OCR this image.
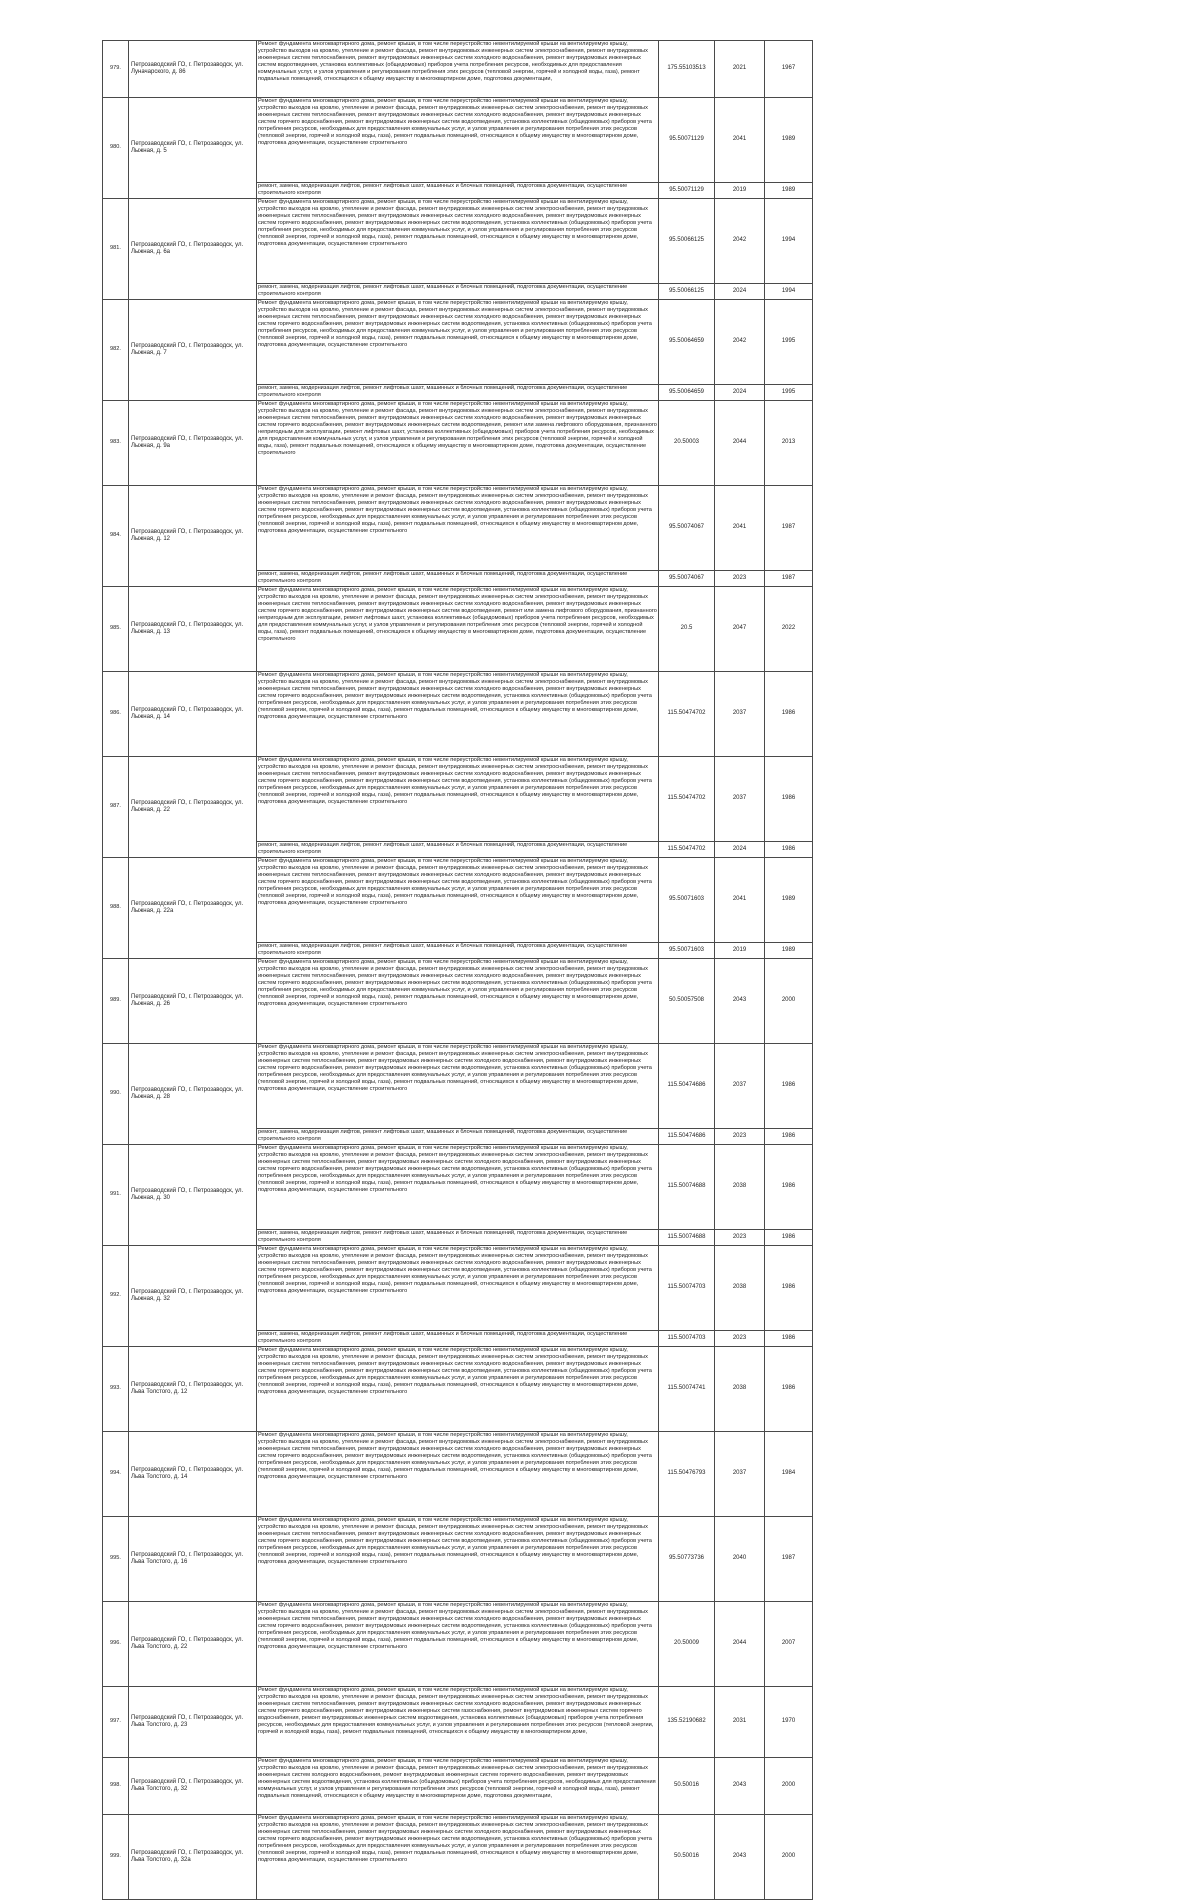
979.	Петрозаводский ГО, г. Петрозаводск, ул. Луначарского, д. 86	Ремонт фундамента многоквартирного дома, ремонт крыши, в том числе переустройство невентилируемой крыши на вентилируемую крышу, устройство выходов на кровлю, утепление и ремонт фасада, ремонт внутридомовых инженерных систем электроснабжения, ремонт внутридомовых инженерных систем теплоснабжения, ремонт внутридомовых инженерных систем холодного водоснабжения, ремонт внутридомовых инженерных систем водоотведения, установка коллективных (общедомовых) приборов учета потребления ресурсов, необходимых для предоставления коммунальных услуг, и узлов управления и регулирования потребления этих ресурсов (тепловой энергии, горячей и холодной воды, газа), ремонт подвальных помещений, относящихся к общему имуществу в многоквартирном доме, подготовка документации,	175.55103513	2021	1967
980.	Петрозаводский ГО, г. Петрозаводск, ул. Лыжная, д. 5	Ремонт фундамента многоквартирного дома, ремонт крыши, в том числе переустройство невентилируемой крыши на вентилируемую крышу, устройство выходов на кровлю, утепление и ремонт фасада, ремонт внутридомовых инженерных систем электроснабжения, ремонт внутридомовых инженерных систем теплоснабжения, ремонт внутридомовых инженерных систем холодного водоснабжения, ремонт внутридомовых инженерных систем горячего водоснабжения, ремонт внутридомовых инженерных систем водоотведения, установка коллективных (общедомовых) приборов учета потребления ресурсов, необходимых для предоставления коммунальных услуг, и узлов управления и регулирования потребления этих ресурсов (тепловой энергии, горячей и холодной воды, газа), ремонт подвальных помещений, относящихся к общему имуществу в многоквартирном доме, подготовка документации, осуществление строительного	95.50071129	2041	1989

		ремонт, замена, модернизация лифтов, ремонт лифтовых шахт, машинных и блочных помещений, подготовка документации, осуществление строительного контроля	95.50071129	2019	1989
981.	Петрозаводский ГО, г. Петрозаводск, ул. Лыжная, д. 6а	Ремонт фундамента многоквартирного дома, ремонт крыши, в том числе переустройство невентилируемой крыши на вентилируемую крышу, устройство выходов на кровлю, утепление и ремонт фасада, ремонт внутридомовых инженерных систем электроснабжения, ремонт внутридомовых инженерных систем теплоснабжения, ремонт внутридомовых инженерных систем холодного водоснабжения, ремонт внутридомовых инженерных систем горячего водоснабжения, ремонт внутридомовых инженерных систем водоотведения, установка коллективных (общедомовых) приборов учета потребления ресурсов, необходимых для предоставления коммунальных услуг, и узлов управления и регулирования потребления этих ресурсов (тепловой энергии, горячей и холодной воды, газа), ремонт подвальных помещений, относящихся к общему имуществу в многоквартирном доме, подготовка документации, осуществление строительного	95.50066125	2042	1994

		ремонт, замена, модернизация лифтов, ремонт лифтовых шахт, машинных и блочных помещений, подготовка документации, осуществление строительного контроля	95.50066125	2024	1994
982.	Петрозаводский ГО, г. Петрозаводск, ул. Лыжная, д. 7	Ремонт фундамента многоквартирного дома, ремонт крыши, в том числе переустройство невентилируемой крыши на вентилируемую крышу, устройство выходов на кровлю, утепление и ремонт фасада, ремонт внутридомовых инженерных систем электроснабжения, ремонт внутридомовых инженерных систем теплоснабжения, ремонт внутридомовых инженерных систем холодного водоснабжения, ремонт внутридомовых инженерных систем горячего водоснабжения, ремонт внутридомовых инженерных систем водоотведения, установка коллективных (общедомовых) приборов учета потребления ресурсов, необходимых для предоставления коммунальных услуг, и узлов управления и регулирования потребления этих ресурсов (тепловой энергии, горячей и холодной воды, газа), ремонт подвальных помещений, относящихся к общему имуществу в многоквартирном доме, подготовка документации, осуществление строительного	95.50064659	2042	1995

		ремонт, замена, модернизация лифтов, ремонт лифтовых шахт, машинных и блочных помещений, подготовка документации, осуществление строительного контроля	95.50064659	2024	1995
983.	Петрозаводский ГО, г. Петрозаводск, ул. Лыжная, д. 9а	Ремонт фундамента многоквартирного дома, ремонт крыши, в том числе переустройство невентилируемой крыши на вентилируемую крышу, устройство выходов на кровлю, утепление и ремонт фасада, ремонт внутридомовых инженерных систем электроснабжения, ремонт внутридомовых инженерных систем теплоснабжения, ремонт внутридомовых инженерных систем холодного водоснабжения, ремонт внутридомовых инженерных систем горячего водоснабжения, ремонт внутридомовых инженерных систем водоотведения, ремонт или замена лифтового оборудования, признанного непригодным для эксплуатации, ремонт лифтовых шахт, установка коллективных (общедомовых) приборов учета потребления ресурсов, необходимых для предоставления коммунальных услуг, и узлов управления и регулирования потребления этих ресурсов (тепловой энергии, горячей и холодной воды, газа), ремонт подвальных помещений, относящихся к общему имуществу в многоквартирном доме, подготовка документации, осуществление строительного	20.50003	2044	2013
984.	Петрозаводский ГО, г. Петрозаводск, ул. Лыжная, д. 12	Ремонт фундамента многоквартирного дома, ремонт крыши, в том числе переустройство невентилируемой крыши на вентилируемую крышу, устройство выходов на кровлю, утепление и ремонт фасада, ремонт внутридомовых инженерных систем электроснабжения, ремонт внутридомовых инженерных систем теплоснабжения, ремонт внутридомовых инженерных систем холодного водоснабжения, ремонт внутридомовых инженерных систем горячего водоснабжения, ремонт внутридомовых инженерных систем водоотведения, установка коллективных (общедомовых) приборов учета потребления ресурсов, необходимых для предоставления коммунальных услуг, и узлов управления и регулирования потребления этих ресурсов (тепловой энергии, горячей и холодной воды, газа), ремонт подвальных помещений, относящихся к общему имуществу в многоквартирном доме, подготовка документации, осуществление строительного	95.50074067	2041	1987

		ремонт, замена, модернизация лифтов, ремонт лифтовых шахт, машинных и блочных помещений, подготовка документации, осуществление строительного контроля	95.50074067	2023	1987
985.	Петрозаводский ГО, г. Петрозаводск, ул. Лыжная, д. 13	Ремонт фундамента многоквартирного дома, ремонт крыши, в том числе переустройство невентилируемой крыши на вентилируемую крышу, устройство выходов на кровлю, утепление и ремонт фасада, ремонт внутридомовых инженерных систем электроснабжения, ремонт внутридомовых инженерных систем теплоснабжения, ремонт внутридомовых инженерных систем холодного водоснабжения, ремонт внутридомовых инженерных систем горячего водоснабжения, ремонт внутридомовых инженерных систем водоотведения, ремонт или замена лифтового оборудования, признанного непригодным для эксплуатации, ремонт лифтовых шахт, установка коллективных (общедомовых) приборов учета потребления ресурсов, необходимых для предоставления коммунальных услуг, и узлов управления и регулирования потребления этих ресурсов (тепловой энергии, горячей и холодной воды, газа), ремонт подвальных помещений, относящихся к общему имуществу в многоквартирном доме, подготовка документации, осуществление строительного	20.5	2047	2022
986.	Петрозаводский ГО, г. Петрозаводск, ул. Лыжная, д. 14	Ремонт фундамента многоквартирного дома, ремонт крыши, в том числе переустройство невентилируемой крыши на вентилируемую крышу, устройство выходов на кровлю, утепление и ремонт фасада, ремонт внутридомовых инженерных систем электроснабжения, ремонт внутридомовых инженерных систем теплоснабжения, ремонт внутридомовых инженерных систем холодного водоснабжения, ремонт внутридомовых инженерных систем горячего водоснабжения, ремонт внутридомовых инженерных систем водоотведения, установка коллективных (общедомовых) приборов учета потребления ресурсов, необходимых для предоставления коммунальных услуг, и узлов управления и регулирования потребления этих ресурсов (тепловой энергии, горячей и холодной воды, газа), ремонт подвальных помещений, относящихся к общему имуществу в многоквартирном доме, подготовка документации, осуществление строительного	115.50474702	2037	1986
987.	Петрозаводский ГО, г. Петрозаводск, ул. Лыжная, д. 22	Ремонт фундамента многоквартирного дома, ремонт крыши, в том числе переустройство невентилируемой крыши на вентилируемую крышу, устройство выходов на кровлю, утепление и ремонт фасада, ремонт внутридомовых инженерных систем электроснабжения, ремонт внутридомовых инженерных систем теплоснабжения, ремонт внутридомовых инженерных систем холодного водоснабжения, ремонт внутридомовых инженерных систем горячего водоснабжения, ремонт внутридомовых инженерных систем водоотведения, установка коллективных (общедомовых) приборов учета потребления ресурсов, необходимых для предоставления коммунальных услуг, и узлов управления и регулирования потребления этих ресурсов (тепловой энергии, горячей и холодной воды, газа), ремонт подвальных помещений, относящихся к общему имуществу в многоквартирном доме, подготовка документации, осуществление строительного	115.50474702	2037	1986

		ремонт, замена, модернизация лифтов, ремонт лифтовых шахт, машинных и блочных помещений, подготовка документации, осуществление строительного контроля	115.50474702	2024	1986
988.	Петрозаводский ГО, г. Петрозаводск, ул. Лыжная, д. 22а	Ремонт фундамента многоквартирного дома, ремонт крыши, в том числе переустройство невентилируемой крыши на вентилируемую крышу, устройство выходов на кровлю, утепление и ремонт фасада, ремонт внутридомовых инженерных систем электроснабжения, ремонт внутридомовых инженерных систем теплоснабжения, ремонт внутридомовых инженерных систем холодного водоснабжения, ремонт внутридомовых инженерных систем горячего водоснабжения, ремонт внутридомовых инженерных систем водоотведения, установка коллективных (общедомовых) приборов учета потребления ресурсов, необходимых для предоставления коммунальных услуг, и узлов управления и регулирования потребления этих ресурсов (тепловой энергии, горячей и холодной воды, газа), ремонт подвальных помещений, относящихся к общему имуществу в многоквартирном доме, подготовка документации, осуществление строительного	95.50071603	2041	1989

		ремонт, замена, модернизация лифтов, ремонт лифтовых шахт, машинных и блочных помещений, подготовка документации, осуществление строительного контроля	95.50071603	2019	1989
989.	Петрозаводский ГО, г. Петрозаводск, ул. Лыжная, д. 26	Ремонт фундамента многоквартирного дома, ремонт крыши, в том числе переустройство невентилируемой крыши на вентилируемую крышу, устройство выходов на кровлю, утепление и ремонт фасада, ремонт внутридомовых инженерных систем электроснабжения, ремонт внутридомовых инженерных систем теплоснабжения, ремонт внутридомовых инженерных систем холодного водоснабжения, ремонт внутридомовых инженерных систем горячего водоснабжения, ремонт внутридомовых инженерных систем водоотведения, установка коллективных (общедомовых) приборов учета потребления ресурсов, необходимых для предоставления коммунальных услуг, и узлов управления и регулирования потребления этих ресурсов (тепловой энергии, горячей и холодной воды, газа), ремонт подвальных помещений, относящихся к общему имуществу в многоквартирном доме, подготовка документации, осуществление строительного	50.50057508	2043	2000
990.	Петрозаводский ГО, г. Петрозаводск, ул. Лыжная, д. 28	Ремонт фундамента многоквартирного дома, ремонт крыши, в том числе переустройство невентилируемой крыши на вентилируемую крышу, устройство выходов на кровлю, утепление и ремонт фасада, ремонт внутридомовых инженерных систем электроснабжения, ремонт внутридомовых инженерных систем теплоснабжения, ремонт внутридомовых инженерных систем холодного водоснабжения, ремонт внутридомовых инженерных систем горячего водоснабжения, ремонт внутридомовых инженерных систем водоотведения, установка коллективных (общедомовых) приборов учета потребления ресурсов, необходимых для предоставления коммунальных услуг, и узлов управления и регулирования потребления этих ресурсов (тепловой энергии, горячей и холодной воды, газа), ремонт подвальных помещений, относящихся к общему имуществу в многоквартирном доме, подготовка документации, осуществление строительного	115.50474686	2037	1986

		ремонт, замена, модернизация лифтов, ремонт лифтовых шахт, машинных и блочных помещений, подготовка документации, осуществление строительного контроля	115.50474686	2023	1986
991.	Петрозаводский ГО, г. Петрозаводск, ул. Лыжная, д. 30	Ремонт фундамента многоквартирного дома, ремонт крыши, в том числе переустройство невентилируемой крыши на вентилируемую крышу, устройство выходов на кровлю, утепление и ремонт фасада, ремонт внутридомовых инженерных систем электроснабжения, ремонт внутридомовых инженерных систем теплоснабжения, ремонт внутридомовых инженерных систем холодного водоснабжения, ремонт внутридомовых инженерных систем горячего водоснабжения, ремонт внутридомовых инженерных систем водоотведения, установка коллективных (общедомовых) приборов учета потребления ресурсов, необходимых для предоставления коммунальных услуг, и узлов управления и регулирования потребления этих ресурсов (тепловой энергии, горячей и холодной воды, газа), ремонт подвальных помещений, относящихся к общему имуществу в многоквартирном доме, подготовка документации, осуществление строительного	115.50074688	2038	1986

		ремонт, замена, модернизация лифтов, ремонт лифтовых шахт, машинных и блочных помещений, подготовка документации, осуществление строительного контроля	115.50074688	2023	1986
992.	Петрозаводский ГО, г. Петрозаводск, ул. Лыжная, д. 32	Ремонт фундамента многоквартирного дома, ремонт крыши, в том числе переустройство невентилируемой крыши на вентилируемую крышу, устройство выходов на кровлю, утепление и ремонт фасада, ремонт внутридомовых инженерных систем электроснабжения, ремонт внутридомовых инженерных систем теплоснабжения, ремонт внутридомовых инженерных систем холодного водоснабжения, ремонт внутридомовых инженерных систем горячего водоснабжения, ремонт внутридомовых инженерных систем водоотведения, установка коллективных (общедомовых) приборов учета потребления ресурсов, необходимых для предоставления коммунальных услуг, и узлов управления и регулирования потребления этих ресурсов (тепловой энергии, горячей и холодной воды, газа), ремонт подвальных помещений, относящихся к общему имуществу в многоквартирном доме, подготовка документации, осуществление строительного	115.50074703	2038	1986

		ремонт, замена, модернизация лифтов, ремонт лифтовых шахт, машинных и блочных помещений, подготовка документации, осуществление строительного контроля	115.50074703	2023	1986
993.	Петрозаводский ГО, г. Петрозаводск, ул. Льва Толстого, д. 12	Ремонт фундамента многоквартирного дома, ремонт крыши, в том числе переустройство невентилируемой крыши на вентилируемую крышу, устройство выходов на кровлю, утепление и ремонт фасада, ремонт внутридомовых инженерных систем электроснабжения, ремонт внутридомовых инженерных систем теплоснабжения, ремонт внутридомовых инженерных систем холодного водоснабжения, ремонт внутридомовых инженерных систем горячего водоснабжения, ремонт внутридомовых инженерных систем водоотведения, установка коллективных (общедомовых) приборов учета потребления ресурсов, необходимых для предоставления коммунальных услуг, и узлов управления и регулирования потребления этих ресурсов (тепловой энергии, горячей и холодной воды, газа), ремонт подвальных помещений, относящихся к общему имуществу в многоквартирном доме, подготовка документации, осуществление строительного	115.50074741	2038	1986
994.	Петрозаводский ГО, г. Петрозаводск, ул. Льва Толстого, д. 14	Ремонт фундамента многоквартирного дома, ремонт крыши, в том числе переустройство невентилируемой крыши на вентилируемую крышу, устройство выходов на кровлю, утепление и ремонт фасада, ремонт внутридомовых инженерных систем электроснабжения, ремонт внутридомовых инженерных систем теплоснабжения, ремонт внутридомовых инженерных систем холодного водоснабжения, ремонт внутридомовых инженерных систем горячего водоснабжения, ремонт внутридомовых инженерных систем водоотведения, установка коллективных (общедомовых) приборов учета потребления ресурсов, необходимых для предоставления коммунальных услуг, и узлов управления и регулирования потребления этих ресурсов (тепловой энергии, горячей и холодной воды, газа), ремонт подвальных помещений, относящихся к общему имуществу в многоквартирном доме, подготовка документации, осуществление строительного	115.50476793	2037	1984
995.	Петрозаводский ГО, г. Петрозаводск, ул. Льва Толстого, д. 16	Ремонт фундамента многоквартирного дома, ремонт крыши, в том числе переустройство невентилируемой крыши на вентилируемую крышу, устройство выходов на кровлю, утепление и ремонт фасада, ремонт внутридомовых инженерных систем электроснабжения, ремонт внутридомовых инженерных систем теплоснабжения, ремонт внутридомовых инженерных систем холодного водоснабжения, ремонт внутридомовых инженерных систем горячего водоснабжения, ремонт внутридомовых инженерных систем водоотведения, установка коллективных (общедомовых) приборов учета потребления ресурсов, необходимых для предоставления коммунальных услуг, и узлов управления и регулирования потребления этих ресурсов (тепловой энергии, горячей и холодной воды, газа), ремонт подвальных помещений, относящихся к общему имуществу в многоквартирном доме, подготовка документации, осуществление строительного	95.50773736	2040	1987
996.	Петрозаводский ГО, г. Петрозаводск, ул. Льва Толстого, д. 22	Ремонт фундамента многоквартирного дома, ремонт крыши, в том числе переустройство невентилируемой крыши на вентилируемую крышу, устройство выходов на кровлю, утепление и ремонт фасада, ремонт внутридомовых инженерных систем электроснабжения, ремонт внутридомовых инженерных систем теплоснабжения, ремонт внутридомовых инженерных систем холодного водоснабжения, ремонт внутридомовых инженерных систем горячего водоснабжения, ремонт внутридомовых инженерных систем водоотведения, установка коллективных (общедомовых) приборов учета потребления ресурсов, необходимых для предоставления коммунальных услуг, и узлов управления и регулирования потребления этих ресурсов (тепловой энергии, горячей и холодной воды, газа), ремонт подвальных помещений, относящихся к общему имуществу в многоквартирном доме, подготовка документации, осуществление строительного	20.50009	2044	2007
997.	Петрозаводский ГО, г. Петрозаводск, ул. Льва Толстого, д. 23	Ремонт фундамента многоквартирного дома, ремонт крыши, в том числе переустройство невентилируемой крыши на вентилируемую крышу, устройство выходов на кровлю, утепление и ремонт фасада, ремонт внутридомовых инженерных систем электроснабжения, ремонт внутридомовых инженерных систем теплоснабжения, ремонт внутридомовых инженерных систем холодного водоснабжения, ремонт внутридомовых инженерных систем горячего водоснабжения, ремонт внутридомовых инженерных систем газоснабжения, ремонт внутридомовых инженерных систем горячего водоснабжения, ремонт внутридомовых инженерных систем водоотведения, установка коллективных (общедомовых) приборов учета потребления ресурсов, необходимых для предоставления коммунальных услуг, и узлов управления и регулирования потребления этих ресурсов (тепловой энергии, горячей и холодной воды, газа), ремонт подвальных помещений, относящихся к общему имуществу в многоквартирном доме,	135.52190682	2031	1970
998.	Петрозаводский ГО, г. Петрозаводск, ул. Льва Толстого, д. 32	Ремонт фундамента многоквартирного дома, ремонт крыши, в том числе переустройство невентилируемой крыши на вентилируемую крышу, устройство выходов на кровлю, утепление и ремонт фасада, ремонт внутридомовых инженерных систем электроснабжения, ремонт внутридомовых инженерных систем холодного водоснабжения, ремонт внутридомовых инженерных систем горячего водоснабжения, ремонт внутридомовых инженерных систем водоотведения, установка коллективных (общедомовых) приборов учета потребления ресурсов, необходимых для предоставления коммунальных услуг, и узлов управления и регулирования потребления этих ресурсов (тепловой энергии, горячей и холодной воды, газа), ремонт подвальных помещений, относящихся к общему имуществу в многоквартирном доме, подготовка документации,	50.50016	2043	2000
999.	Петрозаводский ГО, г. Петрозаводск, ул. Льва Толстого, д. 32а	Ремонт фундамента многоквартирного дома, ремонт крыши, в том числе переустройство невентилируемой крыши на вентилируемую крышу, устройство выходов на кровлю, утепление и ремонт фасада, ремонт внутридомовых инженерных систем электроснабжения, ремонт внутридомовых инженерных систем теплоснабжения, ремонт внутридомовых инженерных систем холодного водоснабжения, ремонт внутридомовых инженерных систем горячего водоснабжения, ремонт внутридомовых инженерных систем водоотведения, установка коллективных (общедомовых) приборов учета потребления ресурсов, необходимых для предоставления коммунальных услуг, и узлов управления и регулирования потребления этих ресурсов (тепловой энергии, горячей и холодной воды, газа), ремонт подвальных помещений, относящихся к общему имуществу в многоквартирном доме, подготовка документации, осуществление строительного	50.50016	2043	2000
